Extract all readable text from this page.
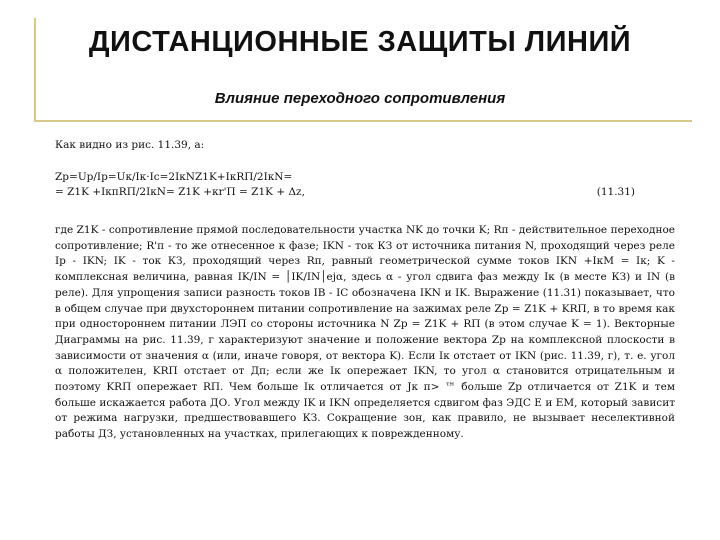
ДИСТАНЦИОННЫЕ ЗАЩИТЫ ЛИНИЙ
Влияние переходного сопротивления
Как видно из рис. 11.39, а:
Zр=Uр/Iр=Uк/Iк·Iс=2IкNZ1K+IкRП/2IкN=
= Z1K +IкпRП/2IкN= Z1K +кr'П = Z1K + Δz,	(11.31)

где Z1K - сопротивление прямой последовательности участка NK до точки K; Rп - действительное переходное сопротивление; R'п - то же отнесенное к фазе; IKN - ток КЗ от источника питания N, проходящий через реле Iр - IKN; IK - ток КЗ, проходящий через Rп, равный геометрической сумме токов IKN +IкМ = Iк; K - комплексная величина, равная IK/IN = │IK/IN│ejα, здесь α - угол сдвига фаз между Iк (в месте КЗ) и IN (в реле). Для упрощения записи разность токов IB - IC обозначена IKN и IK. Выражение (11.31) показывает, что в общем случае при двухстороннем питании сопротивление на зажимах реле Zр = Z1K + KRП, в то время как при одностороннем питании ЛЭП со стороны источника N Zр = Z1K + RП (в этом случае K = 1). Векторные Диаграммы на рис. 11.39, г характеризуют значение и положение вектора Zр на комплексной плоскости в зависимости от значения α (или, иначе говоря, от вектора K). Если Iк отстает от IKN (рис. 11.39, г), т. е. угол α положителен, KRП отстает от Дп; если же Iк опережает IKN, то угол α становится отрицательным и поэтому KRП опережает RП. Чем больше Iк отличается от Jк п> ™ больше Zр отличается от Z1K и тем больше искажается работа ДО. Угол между IK и IKN определяется сдвигом фаз ЭДС E и EМ, который зависит от режима нагрузки, предшествовавшего КЗ. Сокращение зон, как правило, не вызывает неселективной работы ДЗ, установленных на участках, прилегающих к поврежденному.
